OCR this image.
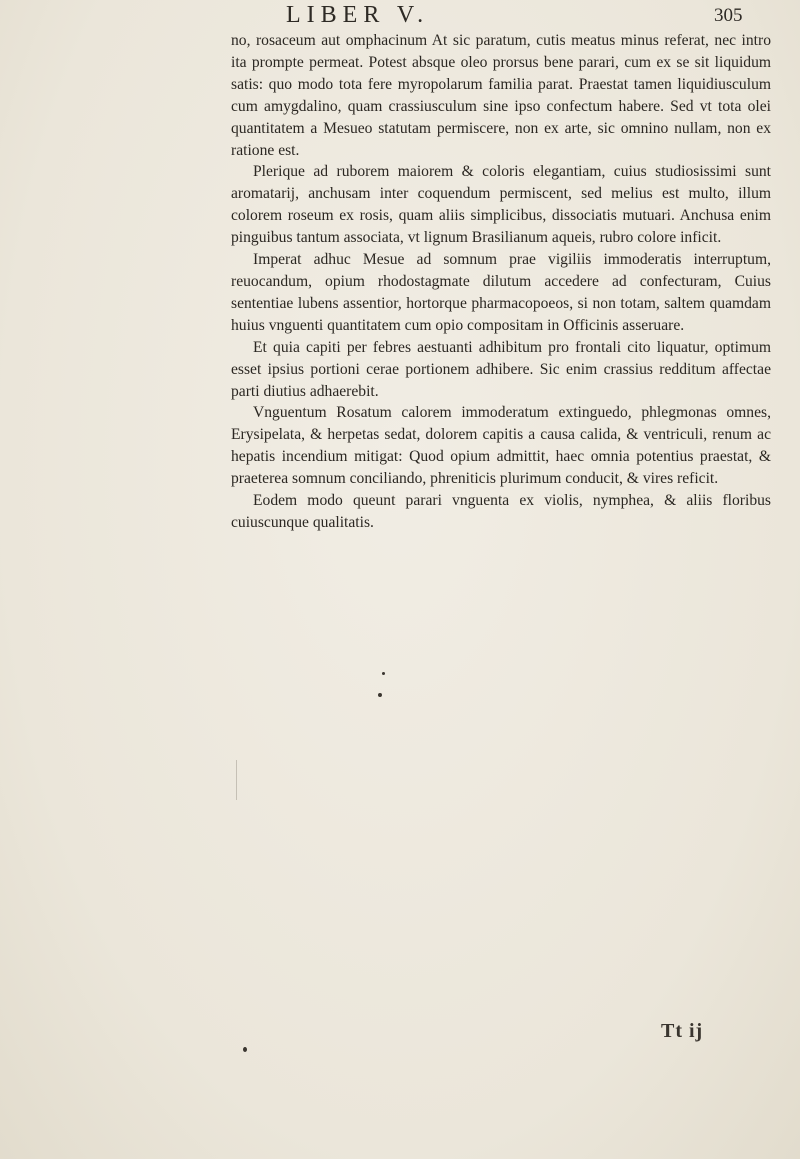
LIBER V.	305

no, rosaceum aut omphacinum At sic paratum, cutis meatus minus referat, nec intro ita prompte permeat. Potest absque oleo prorsus bene parari, cum ex se sit liquidum satis: quo modo tota fere myropolarum familia parat. Praestat tamen liquidiusculum cum amygdalino, quam crassiusculum sine ipso confectum habere. Sed vt tota olei quantitatem a Mesueo statutam permiscere, non ex arte, sic omnino nullam, non ex ratione est.

Plerique ad ruborem maiorem & coloris elegantiam, cuius studiosissimi sunt aromatarij, anchusam inter coquendum permiscent, sed melius est multo, illum colorem roseum ex rosis, quam aliis simplicibus, dissociatis mutuari. Anchusa enim pinguibus tantum associata, vt lignum Brasilianum aqueis, rubro colore inficit.

Imperat adhuc Mesue ad somnum prae vigiliis immoderatis interruptum, reuocandum, opium rhodostagmate dilutum accedere ad confecturam, Cuius sententiae lubens assentior, hortorque pharmacopoeos, si non totam, saltem quamdam huius vnguenti quantitatem cum opio compositam in Officinis asseruare.

Et quia capiti per febres aestuanti adhibitum pro frontali cito liquatur, optimum esset ipsius portioni cerae portionem adhibere. Sic enim crassius redditum affectae parti diutius adhaerebit.

Vnguentum Rosatum calorem immoderatum extinguedo, phlegmonas omnes, Erysipelata, & herpetas sedat, dolorem capitis a causa calida, & ventriculi, renum ac hepatis incendium mitigat: Quod opium admittit, haec omnia potentius praestat, & praeterea somnum conciliando, phreniticis plurimum conducit, & vires reficit.

Eodem modo queunt parari vnguenta ex violis, nymphea, & aliis floribus cuiuscunque qualitatis.

Tt ij
